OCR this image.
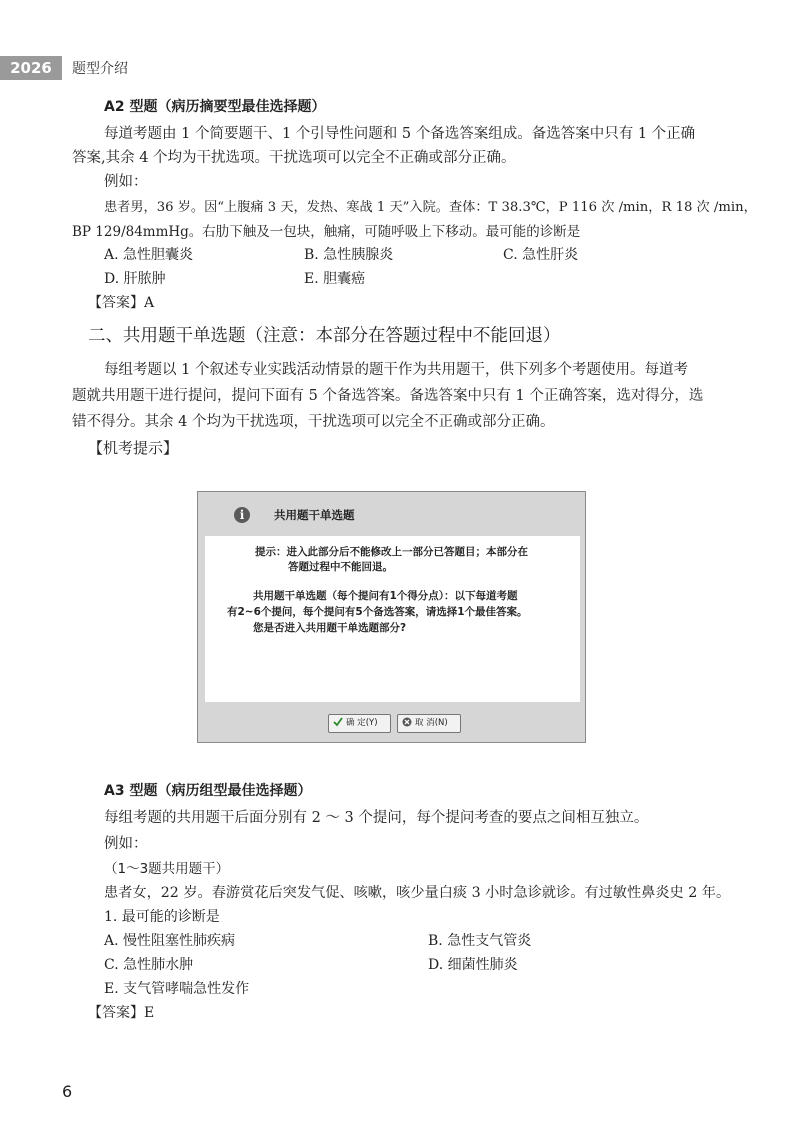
2026	题型介绍
A2 型题（病历摘要型最佳选择题）
每道考题由 1 个简要题干、1 个引导性问题和 5 个备选答案组成。备选答案中只有 1 个正确
答案,其余 4 个均为干扰选项。干扰选项可以完全不正确或部分正确。
例如：
患者男，36 岁。因“上腹痛 3 天，发热、寒战 1 天”入院。查体：T 38.3℃，P 116 次 /min，R 18 次 /min，
BP 129/84mmHg。右肋下触及一包块，触痛，可随呼吸上下移动。最可能的诊断是
A. 急性胆囊炎	B. 急性胰腺炎	C. 急性肝炎
D. 肝脓肿	E. 胆囊癌
【答案】A
二、共用题干单选题（注意：本部分在答题过程中不能回退）
每组考题以 1 个叙述专业实践活动情景的题干作为共用题干，供下列多个考题使用。每道考
题就共用题干进行提问，提问下面有 5 个备选答案。备选答案中只有 1 个正确答案，选对得分，选
错不得分。其余 4 个均为干扰选项，干扰选项可以完全不正确或部分正确。
【机考提示】
i	共用题干单选题
提示：进入此部分后不能修改上一部分已答题目；本部分在
答题过程中不能回退。
共用题干单选题（每个提问有1个得分点）：以下每道考题
有2~6个提问，每个提问有5个备选答案，请选择1个最佳答案。
您是否进入共用题干单选题部分?
确 定(Y)	取 消(N)
A3 型题（病历组型最佳选择题）
每组考题的共用题干后面分别有 2 ～ 3 个提问，每个提问考查的要点之间相互独立。
例如：
（1～3题共用题干）
患者女，22 岁。春游赏花后突发气促、咳嗽，咳少量白痰 3 小时急诊就诊。有过敏性鼻炎史 2 年。
1. 最可能的诊断是
A. 慢性阻塞性肺疾病	B. 急性支气管炎
C. 急性肺水肿	D. 细菌性肺炎
E. 支气管哮喘急性发作
【答案】E
6
